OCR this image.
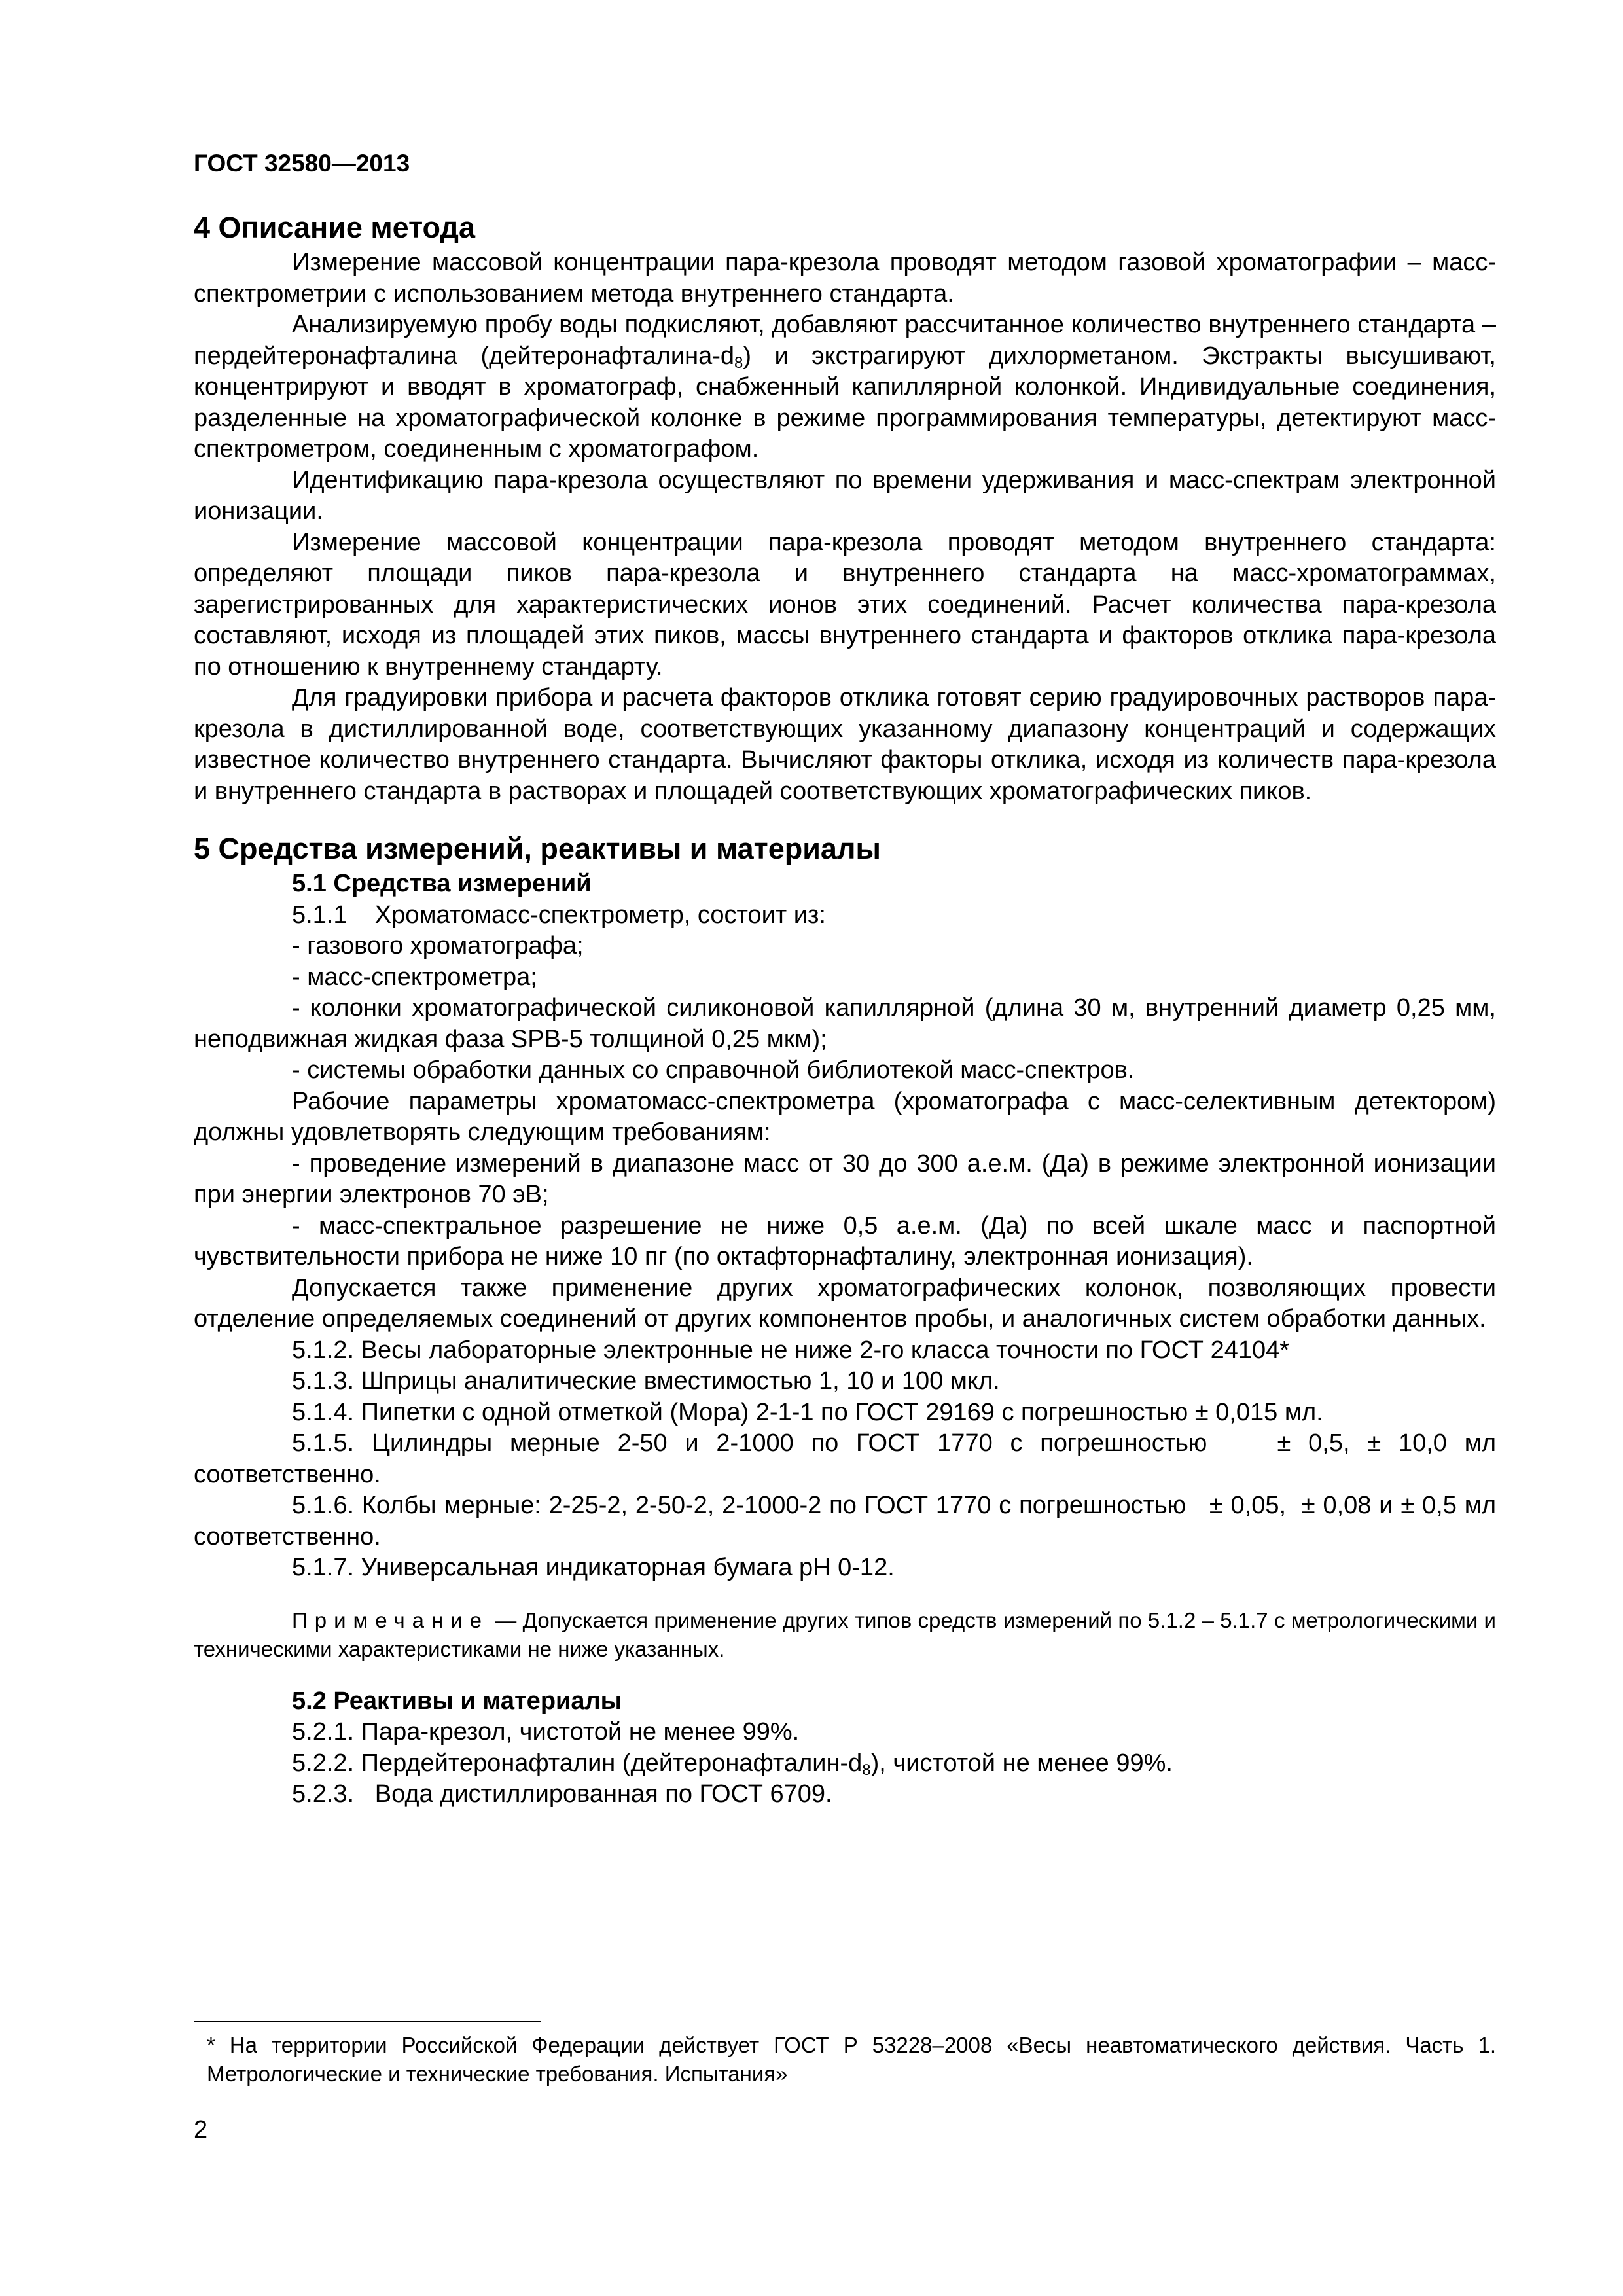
ГОСТ 32580—2013

4 Описание метода

Измерение массовой концентрации пара-крезола проводят методом газовой хроматографии – масс-спектрометрии с использованием метода внутреннего стандарта.

Анализируемую пробу воды подкисляют, добавляют рассчитанное количество внутреннего стандарта – пердейтеронафталина $(дейтеронафталина-d_8)$ и экстрагируют дихлорметаном. Экстракты высушивают, концентрируют и вводят в хроматограф, снабженный капиллярной колонкой. Индивидуальные соединения, разделенные на хроматографической колонке в режиме программирования температуры, детектируют масс-спектрометром, соединенным с хроматографом.

Идентификацию пара-крезола осуществляют по времени удерживания и масс-спектрам электронной ионизации.

Измерение массовой концентрации пара-крезола проводят методом внутреннего стандарта: определяют площади пиков пара-крезола и внутреннего стандарта на масс-хроматограммах, зарегистрированных для характеристических ионов этих соединений. Расчет количества пара-крезола составляют, исходя из площадей этих пиков, массы внутреннего стандарта и факторов отклика пара-крезола по отношению к внутреннему стандарту.

Для градуировки прибора и расчета факторов отклика готовят серию градуировочных растворов пара-крезола в дистиллированной воде, соответствующих указанному диапазону концентраций и содержащих известное количество внутреннего стандарта. Вычисляют факторы отклика, исходя из количеств пара-крезола и внутреннего стандарта в растворах и площадей соответствующих хроматографических пиков.

5 Средства измерений, реактивы и материалы

5.1 Средства измерений

5.1.1    Хроматомасс-спектрометр, состоит из:

- газового хроматографа;

- масс-спектрометра;

- колонки хроматографической силиконовой капиллярной (длина 30 м, внутренний диаметр 0,25 мм, неподвижная жидкая фаза SPB-5 толщиной 0,25 мкм);

- системы обработки данных со справочной библиотекой масс-спектров.

Рабочие параметры хроматомасс-спектрометра (хроматографа с масс-селективным детектором) должны удовлетворять следующим требованиям:

- проведение измерений в диапазоне масс от 30 до 300 а.е.м. (Да) в режиме электронной ионизации при энергии электронов 70 эВ;

- масс-спектральное разрешение не ниже 0,5 а.е.м. (Да) по всей шкале масс и паспортной чувствительности прибора не ниже 10 пг (по октафторнафталину, электронная ионизация).

Допускается также применение других хроматографических колонок, позволяющих провести отделение определяемых соединений от других компонентов пробы, и аналогичных систем обработки данных.

5.1.2. Весы лабораторные электронные не ниже 2-го класса точности по ГОСТ 24104*

5.1.3. Шприцы аналитические вместимостью 1, 10 и 100 мкл.

5.1.4. Пипетки с одной отметкой (Мора) 2-1-1 по ГОСТ 29169 с погрешностью ± 0,015 мл.

5.1.5. Цилиндры мерные 2-50 и 2-1000 по ГОСТ 1770 с погрешностью    ± 0,5, ± 10,0 мл соответственно.

5.1.6. Колбы мерные: 2-25-2, 2-50-2, 2-1000-2 по ГОСТ 1770 с погрешностью   ± 0,05,  ± 0,08 и ± 0,5 мл  соответственно.

5.1.7. Универсальная индикаторная бумага рН 0-12.

Примечание — Допускается применение других типов средств измерений по 5.1.2 – 5.1.7 с метрологическими и техническими характеристиками не ниже указанных.

5.2 Реактивы и материалы

5.2.1. Пара-крезол, чистотой не менее 99%.

5.2.2. Пердейтеронафталин $(дейтеронафталин-d_8)$, чистотой не менее 99%.

5.2.3.   Вода дистиллированная по ГОСТ 6709.

* На территории Российской Федерации действует ГОСТ Р 53228–2008 «Весы неавтоматического действия. Часть 1. Метрологические и технические требования. Испытания»

2
